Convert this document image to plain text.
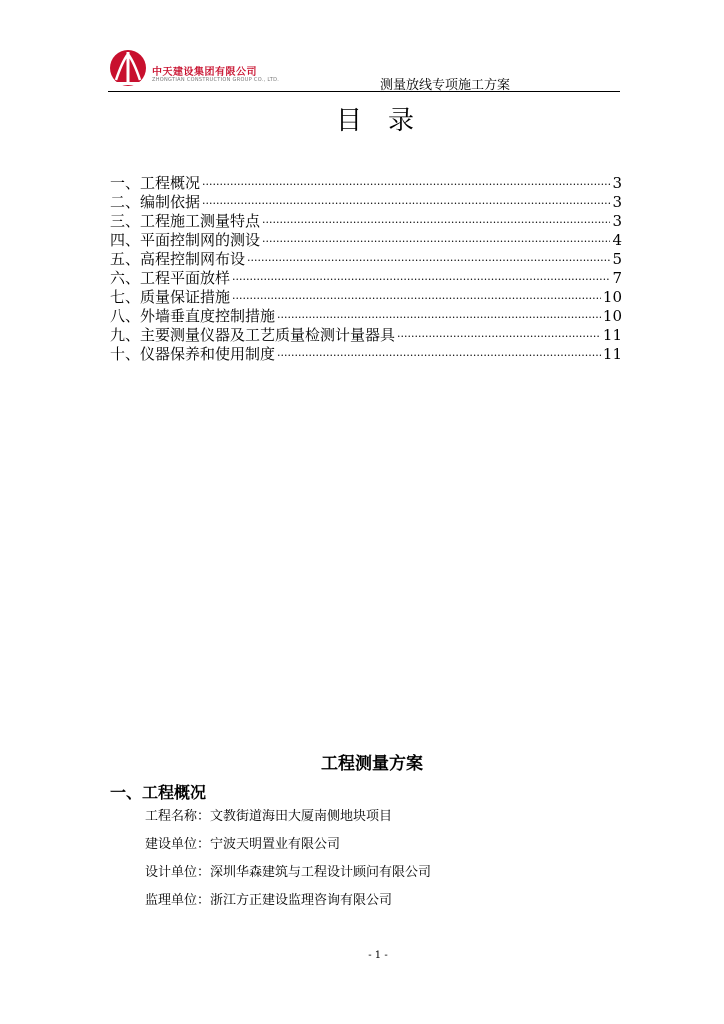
中天建设集团有限公司
ZHONGTIAN CONSTRUCTION GROUP CO., LTD.	测量放线专项施工方案
目录
一、工程概况 ·····	3
二、编制依据 ·····	3
三、工程施工测量特点 ·····	3
四、平面控制网的测设 ·····	4
五、高程控制网布设 ·····	5
六、工程平面放样 ·····	7
七、质量保证措施 ·····	10
八、外墙垂直度控制措施 ·····	10
九、主要测量仪器及工艺质量检测计量器具 ·····	11
十、仪器保养和使用制度 ·····	11
工程测量方案
一、工程概况
工程名称：文教街道海田大厦南侧地块项目
建设单位：宁波天明置业有限公司
设计单位：深圳华森建筑与工程设计顾问有限公司
监理单位：浙江方正建设监理咨询有限公司
- 1 -
